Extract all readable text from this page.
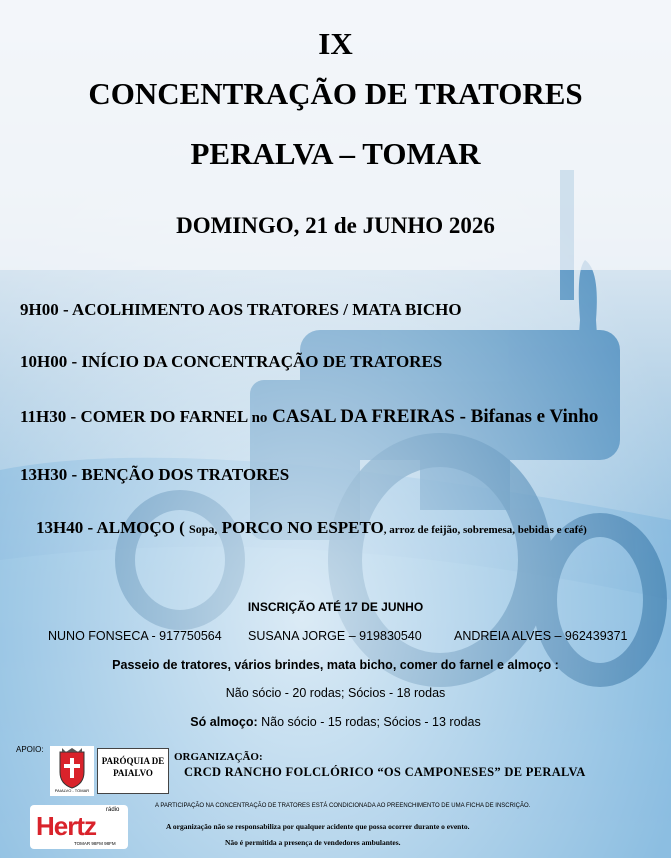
IX
CONCENTRAÇÃO DE TRATORES
PERALVA – TOMAR
DOMINGO, 21 de JUNHO 2026
9H00 - ACOLHIMENTO AOS TRATORES / MATA BICHO
10H00 - INÍCIO DA CONCENTRAÇÃO DE TRATORES
11H30 - COMER DO FARNEL no CASAL DA FREIRAS - Bifanas e Vinho
13H30 - BENÇÃO DOS TRATORES
13H40 - ALMOÇO ( Sopa, PORCO NO ESPETO, arroz de feijão, sobremesa, bebidas e café)
INSCRIÇÃO ATÉ 17 DE JUNHO
NUNO FONSECA - 917750564 SUSANA JORGE – 919830540	ANDREIA ALVES – 962439371
Passeio de tratores, vários brindes, mata bicho, comer do farnel e almoço :
Não sócio - 20 rodas; Sócios - 18 rodas
Só almoço: Não sócio - 15 rodas; Sócios - 13 rodas
APOIO:
PAIALVO - TOMAR
PARÓQUIA DE PAIALVO
ORGANIZAÇÃO:
CRCD RANCHO FOLCLÓRICO “OS CAMPONESES” DE PERALVA
A PARTICIPAÇÃO NA CONCENTRAÇÃO DE TRATORES ESTÁ CONDICIONADA AO PREENCHIMENTO DE UMA FICHA DE INSCRIÇÃO.
A organização não se responsabiliza por qualquer acidente que possa ocorrer durante o evento.
Não é permitida a presença de vendedores ambulantes.
rádio
Hertz
TOMAR 98FM 98FM
